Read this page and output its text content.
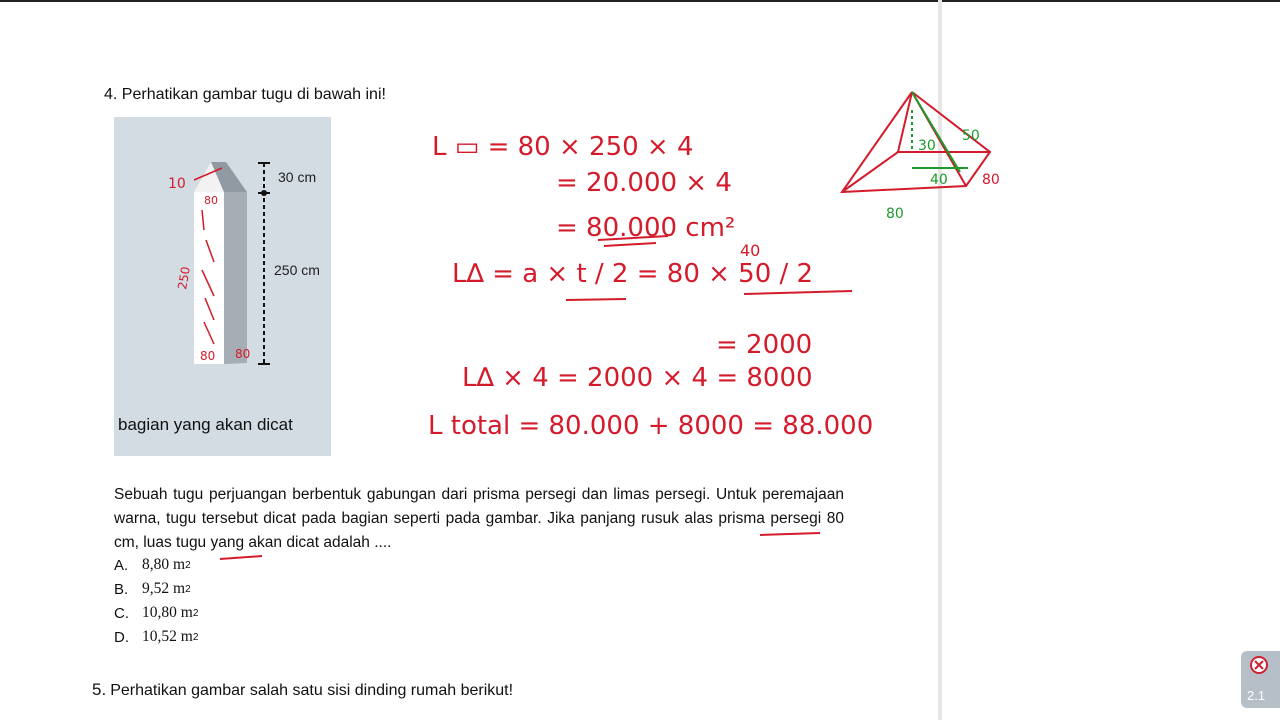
4. Perhatikan gambar tugu di bawah ini!
30 cm
250 cm
bagian yang akan dicat
Sebuah tugu perjuangan berbentuk gabungan dari prisma persegi dan limas persegi. Untuk peremajaan warna, tugu tersebut dicat pada bagian seperti pada gambar. Jika panjang rusuk alas prisma persegi 80 cm, luas tugu yang akan dicat adalah ....
A. 8,80 m 2
B. 9,52 m 2
C. 10,80 m 2
D. 10,52 m 2
5. Perhatikan gambar salah satu sisi dinding rumah berikut!
L ▭ = 80 × 250 × 4
= 20.000 × 4
= 80.000 cm²
L∆ = a × t / 2 = 80 × 50 / 2
40
= 2000
L∆ × 4 = 2000 × 4 = 8000
L total = 80.000 + 8000 = 88.000
10
80
250
80 80
30
50
40 80
80
2.1
